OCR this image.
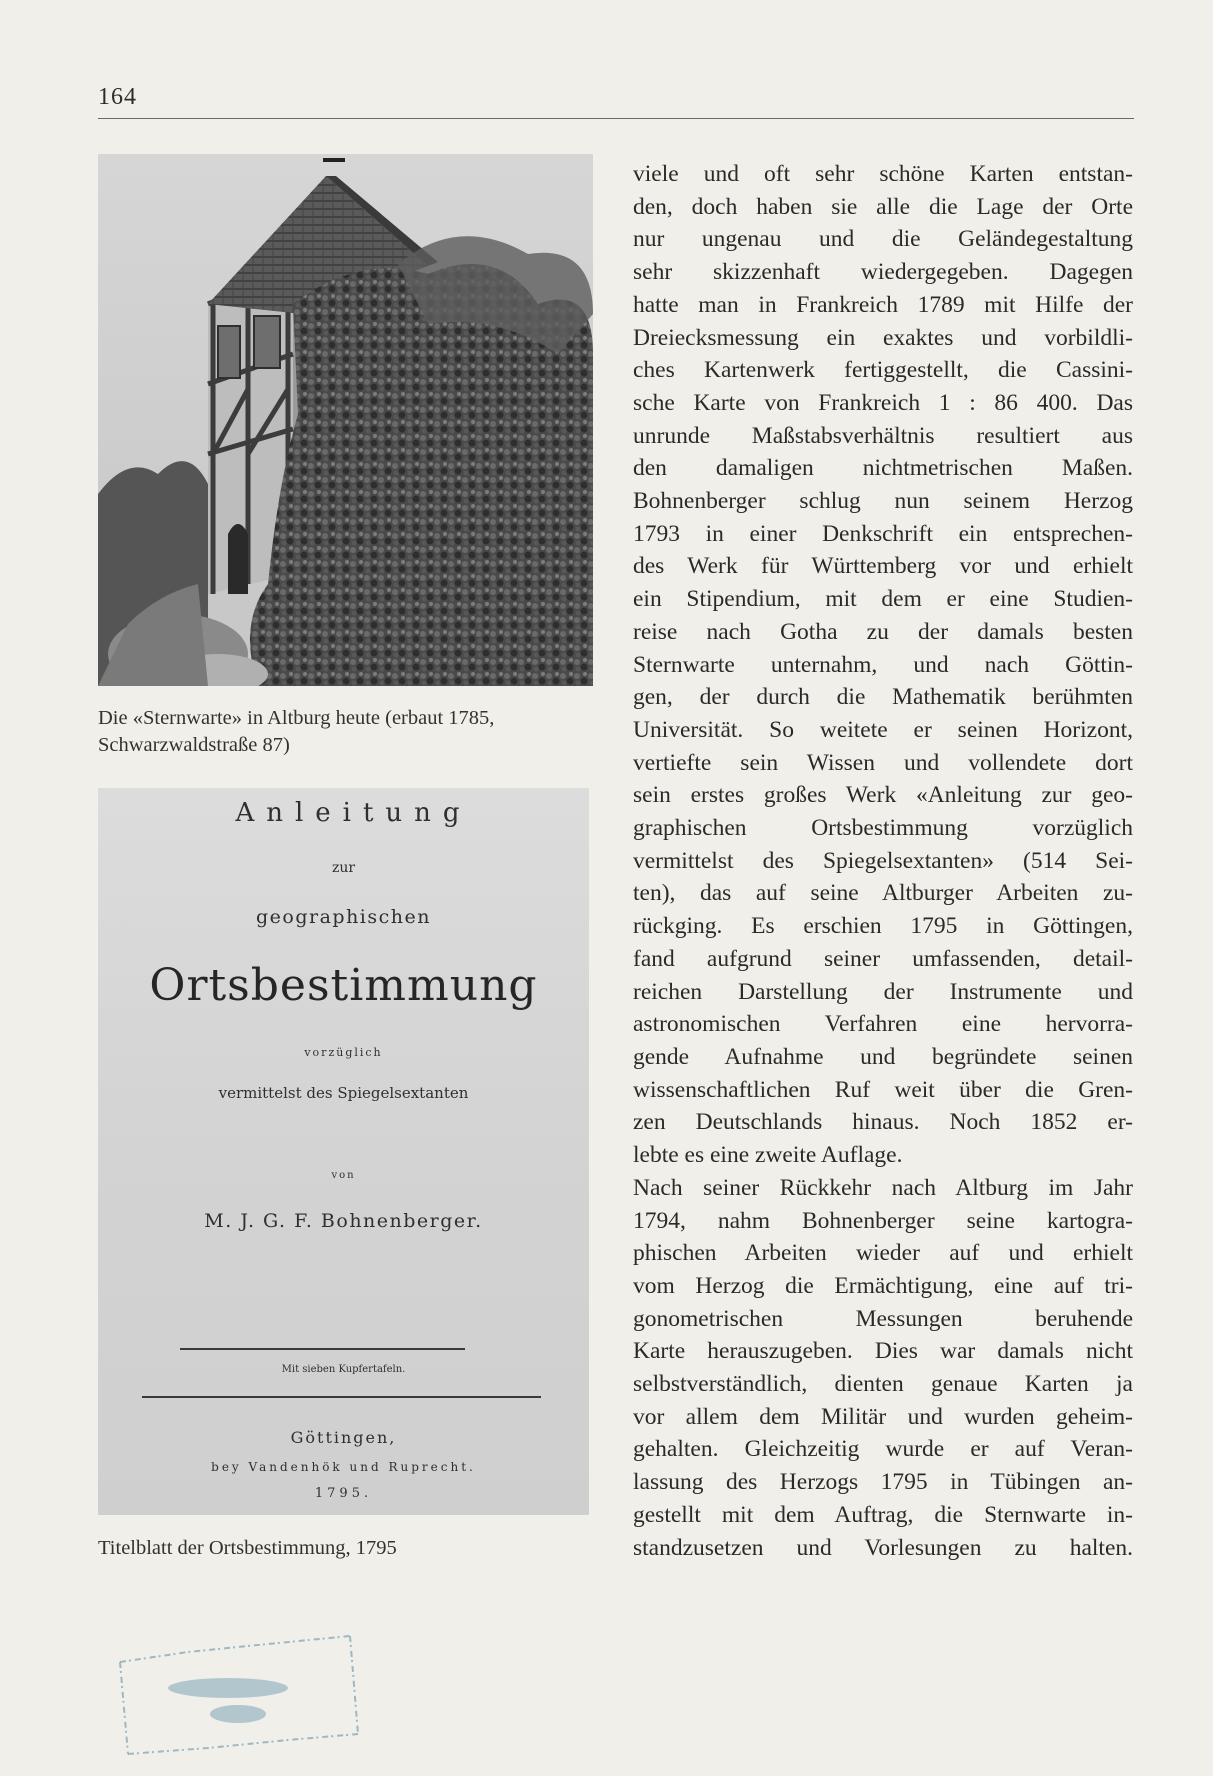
164
Die «Sternwarte» in Altburg heute (erbaut 1785, Schwarzwaldstraße 87)
Anleitung
zur
geographischen
Ortsbestimmung
vorzüglich
vermittelst des Spiegelsextanten
von
M. J. G. F. Bohnenberger.
Mit sieben Kupfertafeln.
Göttingen,
bey Vandenhök und Ruprecht.
1795.
Titelblatt der Ortsbestimmung, 1795
viele und oft sehr schöne Karten entstan-
den, doch haben sie alle die Lage der Orte
nur ungenau und die Geländegestaltung
sehr skizzenhaft wiedergegeben. Dagegen
hatte man in Frankreich 1789 mit Hilfe der
Dreiecksmessung ein exaktes und vorbildli-
ches Kartenwerk fertiggestellt, die Cassini-
sche Karte von Frankreich 1 : 86 400. Das
unrunde Maßstabsverhältnis resultiert aus
den damaligen nichtmetrischen Maßen.
Bohnenberger schlug nun seinem Herzog
1793 in einer Denkschrift ein entsprechen-
des Werk für Württemberg vor und erhielt
ein Stipendium, mit dem er eine Studien-
reise nach Gotha zu der damals besten
Sternwarte unternahm, und nach Göttin-
gen, der durch die Mathematik berühmten
Universität. So weitete er seinen Horizont,
vertiefte sein Wissen und vollendete dort
sein erstes großes Werk «Anleitung zur geo-
graphischen Ortsbestimmung vorzüglich
vermittelst des Spiegelsextanten» (514 Sei-
ten), das auf seine Altburger Arbeiten zu-
rückging. Es erschien 1795 in Göttingen,
fand aufgrund seiner umfassenden, detail-
reichen Darstellung der Instrumente und
astronomischen Verfahren eine hervorra-
gende Aufnahme und begründete seinen
wissenschaftlichen Ruf weit über die Gren-
zen Deutschlands hinaus. Noch 1852 er-
lebte es eine zweite Auflage.
Nach seiner Rückkehr nach Altburg im Jahr
1794, nahm Bohnenberger seine kartogra-
phischen Arbeiten wieder auf und erhielt
vom Herzog die Ermächtigung, eine auf tri-
gonometrischen Messungen beruhende
Karte herauszugeben. Dies war damals nicht
selbstverständlich, dienten genaue Karten ja
vor allem dem Militär und wurden geheim-
gehalten. Gleichzeitig wurde er auf Veran-
lassung des Herzogs 1795 in Tübingen an-
gestellt mit dem Auftrag, die Sternwarte in-
standzusetzen und Vorlesungen zu halten.
